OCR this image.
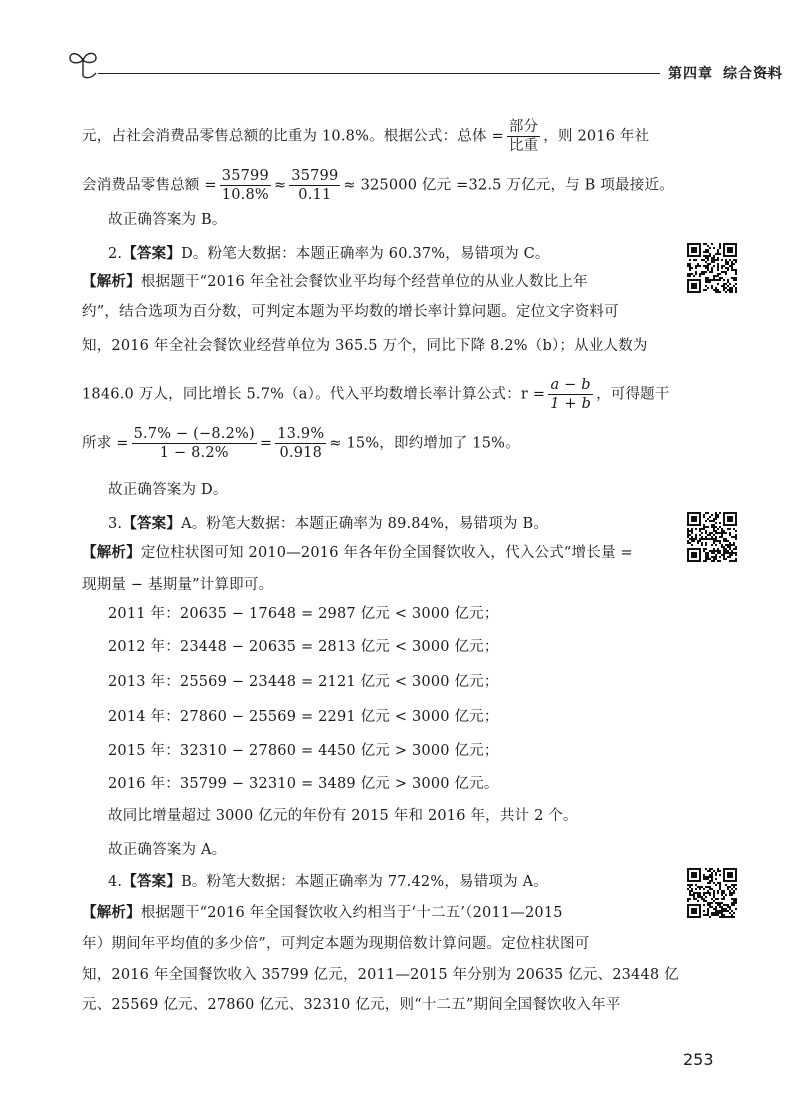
第四章 综合资料
元，占社会消费品零售总额的比重为 10.8%。根据公式：总体 = $\frac{\text{部分}}{\text{比重}}$ ，则 2016 年社
会消费品零售总额 = $\frac{35799}{10.8\%} \approx \frac{35799}{0.11} \approx 325000$ 亿元 =32.5 万亿元，与 B 项最接近。
故正确答案为 B。
2.【答案】D。粉笔大数据：本题正确率为 60.37%，易错项为 C。
【解析】根据题干“2016 年全社会餐饮业平均每个经营单位的从业人数比上年
约”，结合选项为百分数，可判定本题为平均数的增长率计算问题。定位文字资料可
知，2016 年全社会餐饮业经营单位为 365.5 万个，同比下降 8.2%（b）；从业人数为
1846.0 万人，同比增长 5.7%（a）。代入平均数增长率计算公式：$r = \frac{a - b}{1 + b}$ ，可得题干
所求 = $\frac{5.7\% - (-8.2\%)}{1 - 8.2\%} = \frac{13.9\%}{0.918} \approx 15\%$，即约增加了 15%。
故正确答案为 D。
3.【答案】A。粉笔大数据：本题正确率为 89.84%，易错项为 B。
【解析】定位柱状图可知 2010—2016 年各年份全国餐饮收入，代入公式“增长量 =
现期量 − 基期量”计算即可。
2011 年：20635 − 17648 = 2987 亿元 < 3000 亿元；
2012 年：23448 − 20635 = 2813 亿元 < 3000 亿元；
2013 年：25569 − 23448 = 2121 亿元 < 3000 亿元；
2014 年：27860 − 25569 = 2291 亿元 < 3000 亿元；
2015 年：32310 − 27860 = 4450 亿元 > 3000 亿元；
2016 年：35799 − 32310 = 3489 亿元 > 3000 亿元。
故同比增量超过 3000 亿元的年份有 2015 年和 2016 年，共计 2 个。
故正确答案为 A。
4.【答案】B。粉笔大数据：本题正确率为 77.42%，易错项为 A。
【解析】根据题干“2016 年全国餐饮收入约相当于‘十二五’（2011—2015
年）期间年平均值的多少倍”，可判定本题为现期倍数计算问题。定位柱状图可
知，2016 年全国餐饮收入 35799 亿元，2011—2015 年分别为 20635 亿元、23448 亿
元、25569 亿元、27860 亿元、32310 亿元，则“十二五”期间全国餐饮收入年平
253
